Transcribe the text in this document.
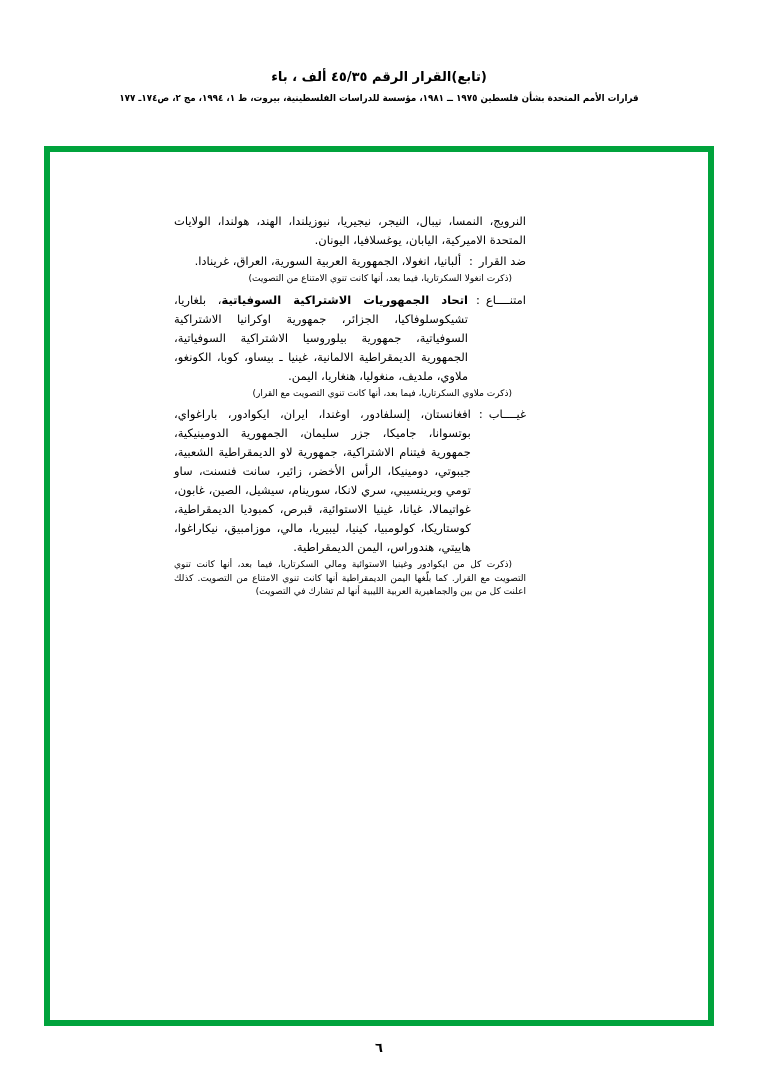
(تابع)القرار الرقم ٤٥/٣٥ ألف ، باء
قرارات الأمم المتحدة بشأن فلسطين ١٩٧٥ ــ ١٩٨١، مؤسسة للدراسات الفلسطينية، بيروت، ط ١، ١٩٩٤، مج ٢، ص١٧٤ـ ١٧٧
النرويج، النمسا، نيبال، النيجر، نيجيريا، نيوزيلندا، الهند، هولندا، الولايات المتحدة الاميركية، اليابان، يوغسلافيا، اليونان.
ضد القرار
:
ألبانيا، انغولا، الجمهورية العربية السورية، العراق، غرينادا.
(ذكرت انغولا السكرتاريا، فيما بعد، أنها كانت تنوي الامتناع من التصويت)
امتنــــاع
:
اتحاد الجمهوريات الاشتراكية السوفياتية، بلغاريا، تشيكوسلوفاكيا، الجزائر، جمهورية اوكرانيا الاشتراكية السوفياتية، جمهورية بيلوروسيا الاشتراكية السوفياتية، الجمهورية الديمقراطية الالمانية، غينيا ـ بيساو، كوبا، الكونغو، ملاوي، ملديف، منغوليا، هنغاريا، اليمن.
(ذكرت ملاوي السكرتاريا، فيما بعد، أنها كانت تنوي التصويت مع القرار)
غيــــاب
:
افغانستان، إلسلفادور، اوغندا، ايران، ايكوادور، باراغواي، بوتسوانا، جاميكا، جزر سليمان، الجمهورية الدومينيكية، جمهورية فيتنام الاشتراكية، جمهورية لاو الديمقراطية الشعبية، جيبوتي، دومينيكا، الرأس الأخضر، زائير، سانت فنسنت، ساو تومي وبرينسيبي، سري لانكا، سورينام، سيشيل، الصين، غابون، غواتيمالا، غيانا، غينيا الاستوائية، قبرص، كمبوديا الديمقراطية، كوستاريكا، كولومبيا، كينيا، ليبيريا، مالي، موزامبيق، نيكاراغوا، هاييتي، هندوراس، اليمن الديمقراطية.
(ذكرت كل من ايكوادور وغينيا الاستوائية ومالي السكرتاريا، فيما بعد، أنها كانت تنوي التصويت مع القرار. كما بلّغها اليمن الديمقراطية أنها كانت تنوي الامتناع من التصويت. كذلك اعلنت كل من بين والجماهيرية العربية الليبية أنها لم تشارك في التصويت)
٦
